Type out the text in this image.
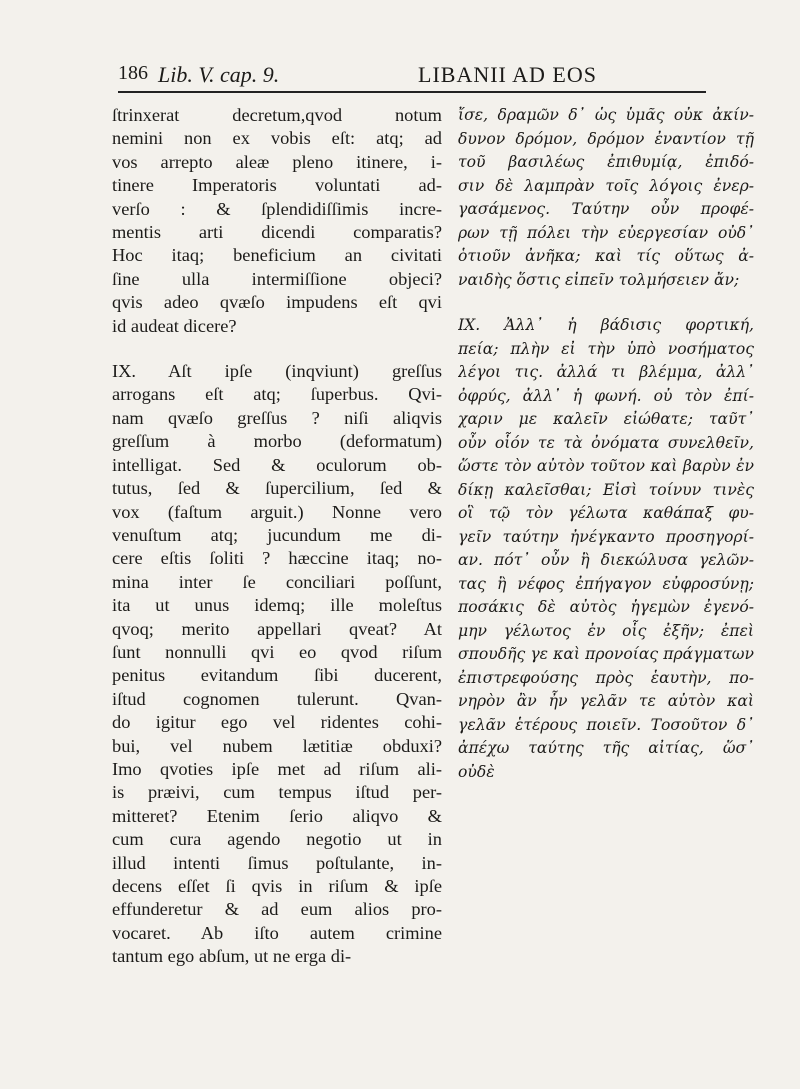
186 Lib. V. cap. 9.	LIBANII AD EOS

ſtrinxerat decretum,qvod notum
nemini non ex vobis eſt: atq; ad
vos arrepto aleæ pleno itinere, i-
tinere Imperatoris voluntati ad-
verſo : & ſplendidiſſimis incre-
mentis arti dicendi comparatis?
Hoc itaq; beneficium an civitati
ſine ulla intermiſſione objeci?
qvis adeo qvæſo impudens eſt qvi
id audeat dicere?

IX. Aſt ipſe (inqviunt) greſſus
arrogans eſt atq; ſuperbus. Qvi-
nam qvæſo greſſus ? niſi aliqvis
greſſum à morbo (deformatum)
intelligat. Sed & oculorum ob-
tutus, ſed & ſupercilium, ſed &
vox (faſtum arguit.) Nonne vero
venuſtum atq; jucundum me di-
cere eſtis ſoliti ? hæccine itaq; no-
mina inter ſe conciliari poſſunt,
ita ut unus idemq; ille moleſtus
qvoq; merito appellari qveat? At
ſunt nonnulli qvi eo qvod riſum
penitus evitandum ſibi ducerent,
iſtud cognomen tulerunt. Qvan-
do igitur ego vel ridentes cohi-
bui, vel nubem lætitiæ obduxi?
Imo qvoties ipſe met ad riſum ali-
is præivi, cum tempus iſtud per-
mitteret? Etenim ſerio aliqvo &
cum cura agendo negotio ut in
illud intenti ſimus poſtulante, in-
decens eſſet ſi qvis in riſum & ipſe
effunderetur & ad eum alios pro-
vocaret. Ab iſto autem crimine
tantum ego abſum, ut ne erga di-

ἴσε, δραμῶν δ᾽ ὡς ὑμᾶς οὐκ ἀκίν-
δυνον δρόμον, δρόμον ἐναντίον τῇ
τοῦ βασιλέως ἐπιθυμίᾳ, ἐπιδό-
σιν δὲ λαμπρὰν τοῖς λόγοις ἐνερ-
γασάμενος. Ταύτην οὖν προφέ-
ρων τῇ πόλει τὴν εὐεργεσίαν οὐδ᾽
ὁτιοῦν ἀνῆκα; καὶ τίς οὕτως ἀ-
ναιδὴς ὅστις εἰπεῖν τολμήσειεν ἄν;

IX. Ἀλλ᾽ ἡ βάδισις φορτική,
πεία; πλὴν εἰ τὴν ὑπὸ νοσήματος
λέγοι τις. ἀλλά τι βλέμμα, ἀλλ᾽
ὀφρύς, ἀλλ᾽ ἡ φωνή. οὐ τὸν ἐπί-
χαριν με καλεῖν εἰώθατε; ταῦτ᾽
οὖν οἷόν τε τὰ ὀνόματα συνελθεῖν,
ὥστε τὸν αὐτὸν τοῦτον καὶ βαρὺν ἐν
δίκῃ καλεῖσθαι; Εἰσὶ τοίνυν τινὲς
οἳ τῷ τὸν γέλωτα καθάπαξ φυ-
γεῖν ταύτην ἠνέγκαντο προσηγορί-
αν. πότ᾽ οὖν ἢ διεκώλυσα γελῶν-
τας ἢ νέφος ἐπήγαγον εὐφροσύνῃ;
ποσάκις δὲ αὐτὸς ἡγεμὼν ἐγενό-
μην γέλωτος ἐν οἷς ἐξῆν; ἐπεὶ
σπουδῆς γε καὶ προνοίας πράγματων
ἐπιστρεφούσης πρὸς ἑαυτὴν, πο-
νηρὸν ἂν ἦν γελᾶν τε αὐτὸν καὶ
γελᾶν ἑτέρους ποιεῖν. Τοσοῦτον δ᾽
ἀπέχω ταύτης τῆς αἰτίας, ὥσ᾽
οὐδὲ
